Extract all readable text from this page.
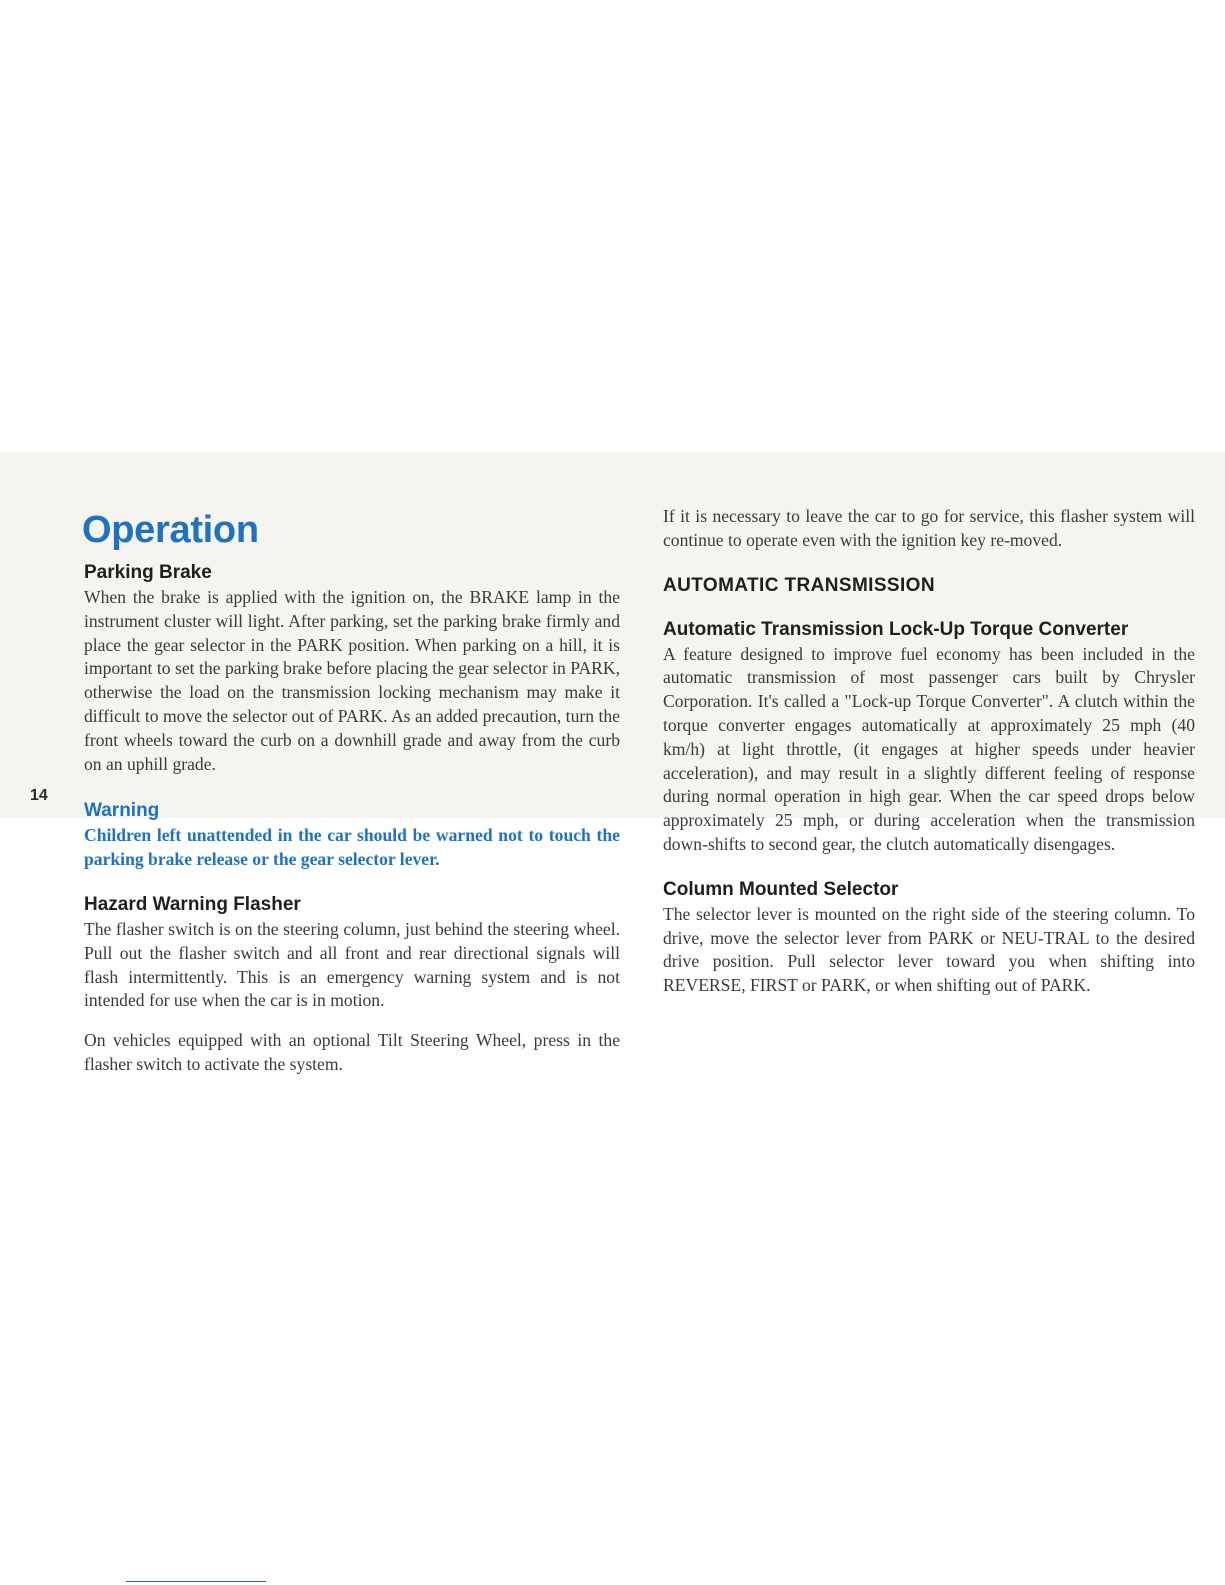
Operation
Parking Brake

When the brake is applied with the ignition on, the BRAKE lamp in the instrument cluster will light. After parking, set the parking brake firmly and place the gear selector in the PARK position. When parking on a hill, it is important to set the parking brake before placing the gear selector in PARK, otherwise the load on the transmission locking mechanism may make it difficult to move the selector out of PARK. As an added precaution, turn the front wheels toward the curb on a downhill grade and away from the curb on an uphill grade.

Warning

Children left unattended in the car should be warned not to touch the parking brake release or the gear selector lever.

Hazard Warning Flasher

The flasher switch is on the steering column, just behind the steering wheel. Pull out the flasher switch and all front and rear directional signals will flash intermittently. This is an emergency warning system and is not intended for use when the car is in motion.

On vehicles equipped with an optional Tilt Steering Wheel, press in the flasher switch to activate the system.

If it is necessary to leave the car to go for service, this flasher system will continue to operate even with the ignition key re-moved.

AUTOMATIC TRANSMISSION
Automatic Transmission Lock-Up Torque Converter

A feature designed to improve fuel economy has been included in the automatic transmission of most passenger cars built by Chrysler Corporation. It's called a "Lock-up Torque Converter". A clutch within the torque converter engages automatically at approximately 25 mph (40 km/h) at light throttle, (it engages at higher speeds under heavier acceleration), and may result in a slightly different feeling of response during normal operation in high gear. When the car speed drops below approximately 25 mph, or during acceleration when the transmission down-shifts to second gear, the clutch automatically disengages.

Column Mounted Selector

The selector lever is mounted on the right side of the steering column. To drive, move the selector lever from PARK or NEU-TRAL to the desired drive position. Pull selector lever toward you when shifting into REVERSE, FIRST or PARK, or when shifting out of PARK.

14
